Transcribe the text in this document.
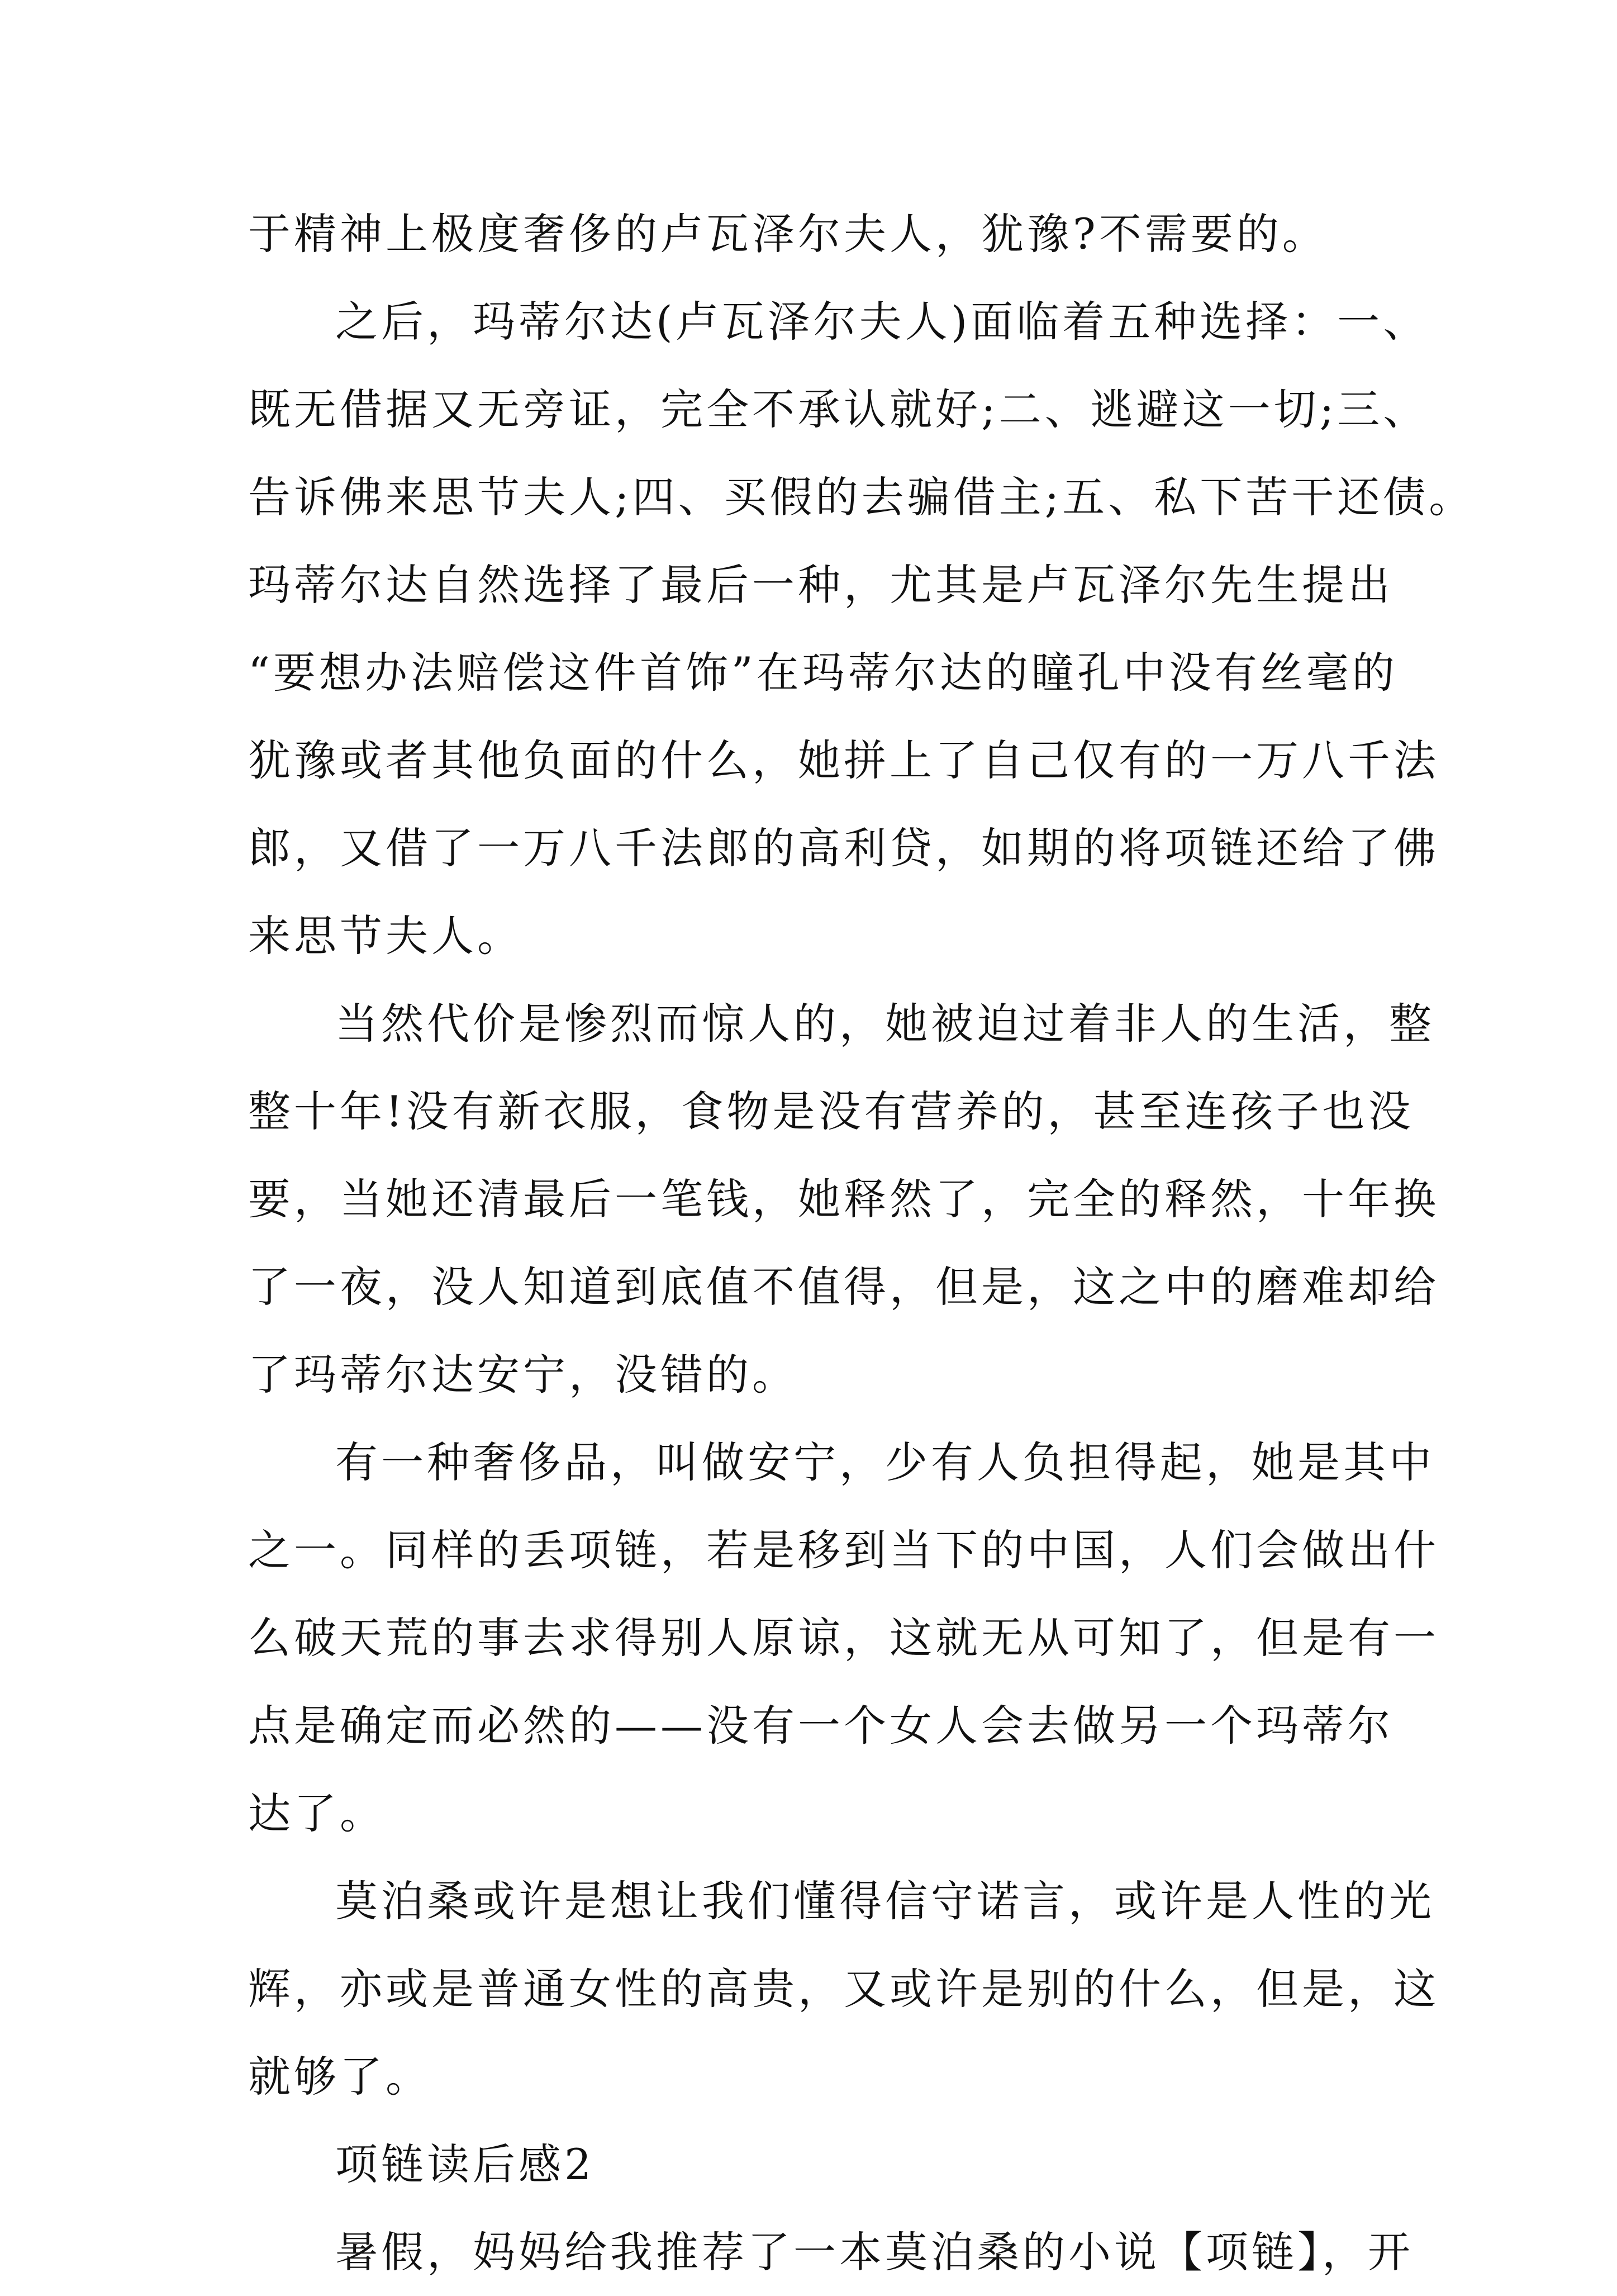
于精神上极度奢侈的卢瓦泽尔夫人，犹豫?不需要的。
之后，玛蒂尔达(卢瓦泽尔夫人)面临着五种选择：一、
既无借据又无旁证，完全不承认就好;二、逃避这一切;三、
告诉佛来思节夫人;四、买假的去骗借主;五、私下苦干还债。
玛蒂尔达自然选择了最后一种，尤其是卢瓦泽尔先生提出
“要想办法赔偿这件首饰”在玛蒂尔达的瞳孔中没有丝毫的
犹豫或者其他负面的什么，她拼上了自己仅有的一万八千法
郎，又借了一万八千法郎的高利贷，如期的将项链还给了佛
来思节夫人。
当然代价是惨烈而惊人的，她被迫过着非人的生活，整
整十年!没有新衣服，食物是没有营养的，甚至连孩子也没
要，当她还清最后一笔钱，她释然了，完全的释然，十年换
了一夜，没人知道到底值不值得，但是，这之中的磨难却给
了玛蒂尔达安宁，没错的。
有一种奢侈品，叫做安宁，少有人负担得起，她是其中
之一。同样的丢项链，若是移到当下的中国，人们会做出什
么破天荒的事去求得别人原谅，这就无从可知了，但是有一
点是确定而必然的——没有一个女人会去做另一个玛蒂尔
达了。
莫泊桑或许是想让我们懂得信守诺言，或许是人性的光
辉，亦或是普通女性的高贵，又或许是别的什么，但是，这
就够了。
项链读后感2
暑假，妈妈给我推荐了一本莫泊桑的小说【项链】，开
